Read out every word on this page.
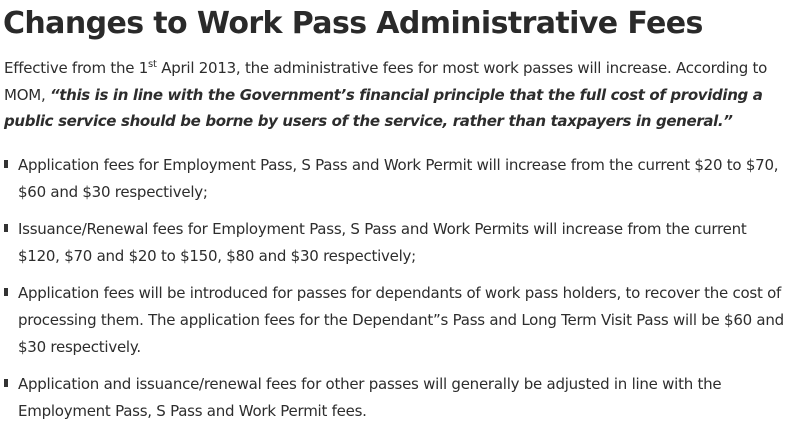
Changes to Work Pass Administrative Fees

Effective from the 1st April 2013, the administrative fees for most work passes will increase. According to MOM, “this is in line with the Government’s financial principle that the full cost of providing a public service should be borne by users of the service, rather than taxpayers in general.”

Application fees for Employment Pass, S Pass and Work Permit will increase from the current $20 to $70, $60 and $30 respectively;
Issuance/Renewal fees for Employment Pass, S Pass and Work Permits will increase from the current $120, $70 and $20 to $150, $80 and $30 respectively;
Application fees will be introduced for passes for dependants of work pass holders, to recover the cost of processing them. The application fees for the Dependant”s Pass and Long Term Visit Pass will be $60 and $30 respectively.
Application and issuance/renewal fees for other passes will generally be adjusted in line with the Employment Pass, S Pass and Work Permit fees.
